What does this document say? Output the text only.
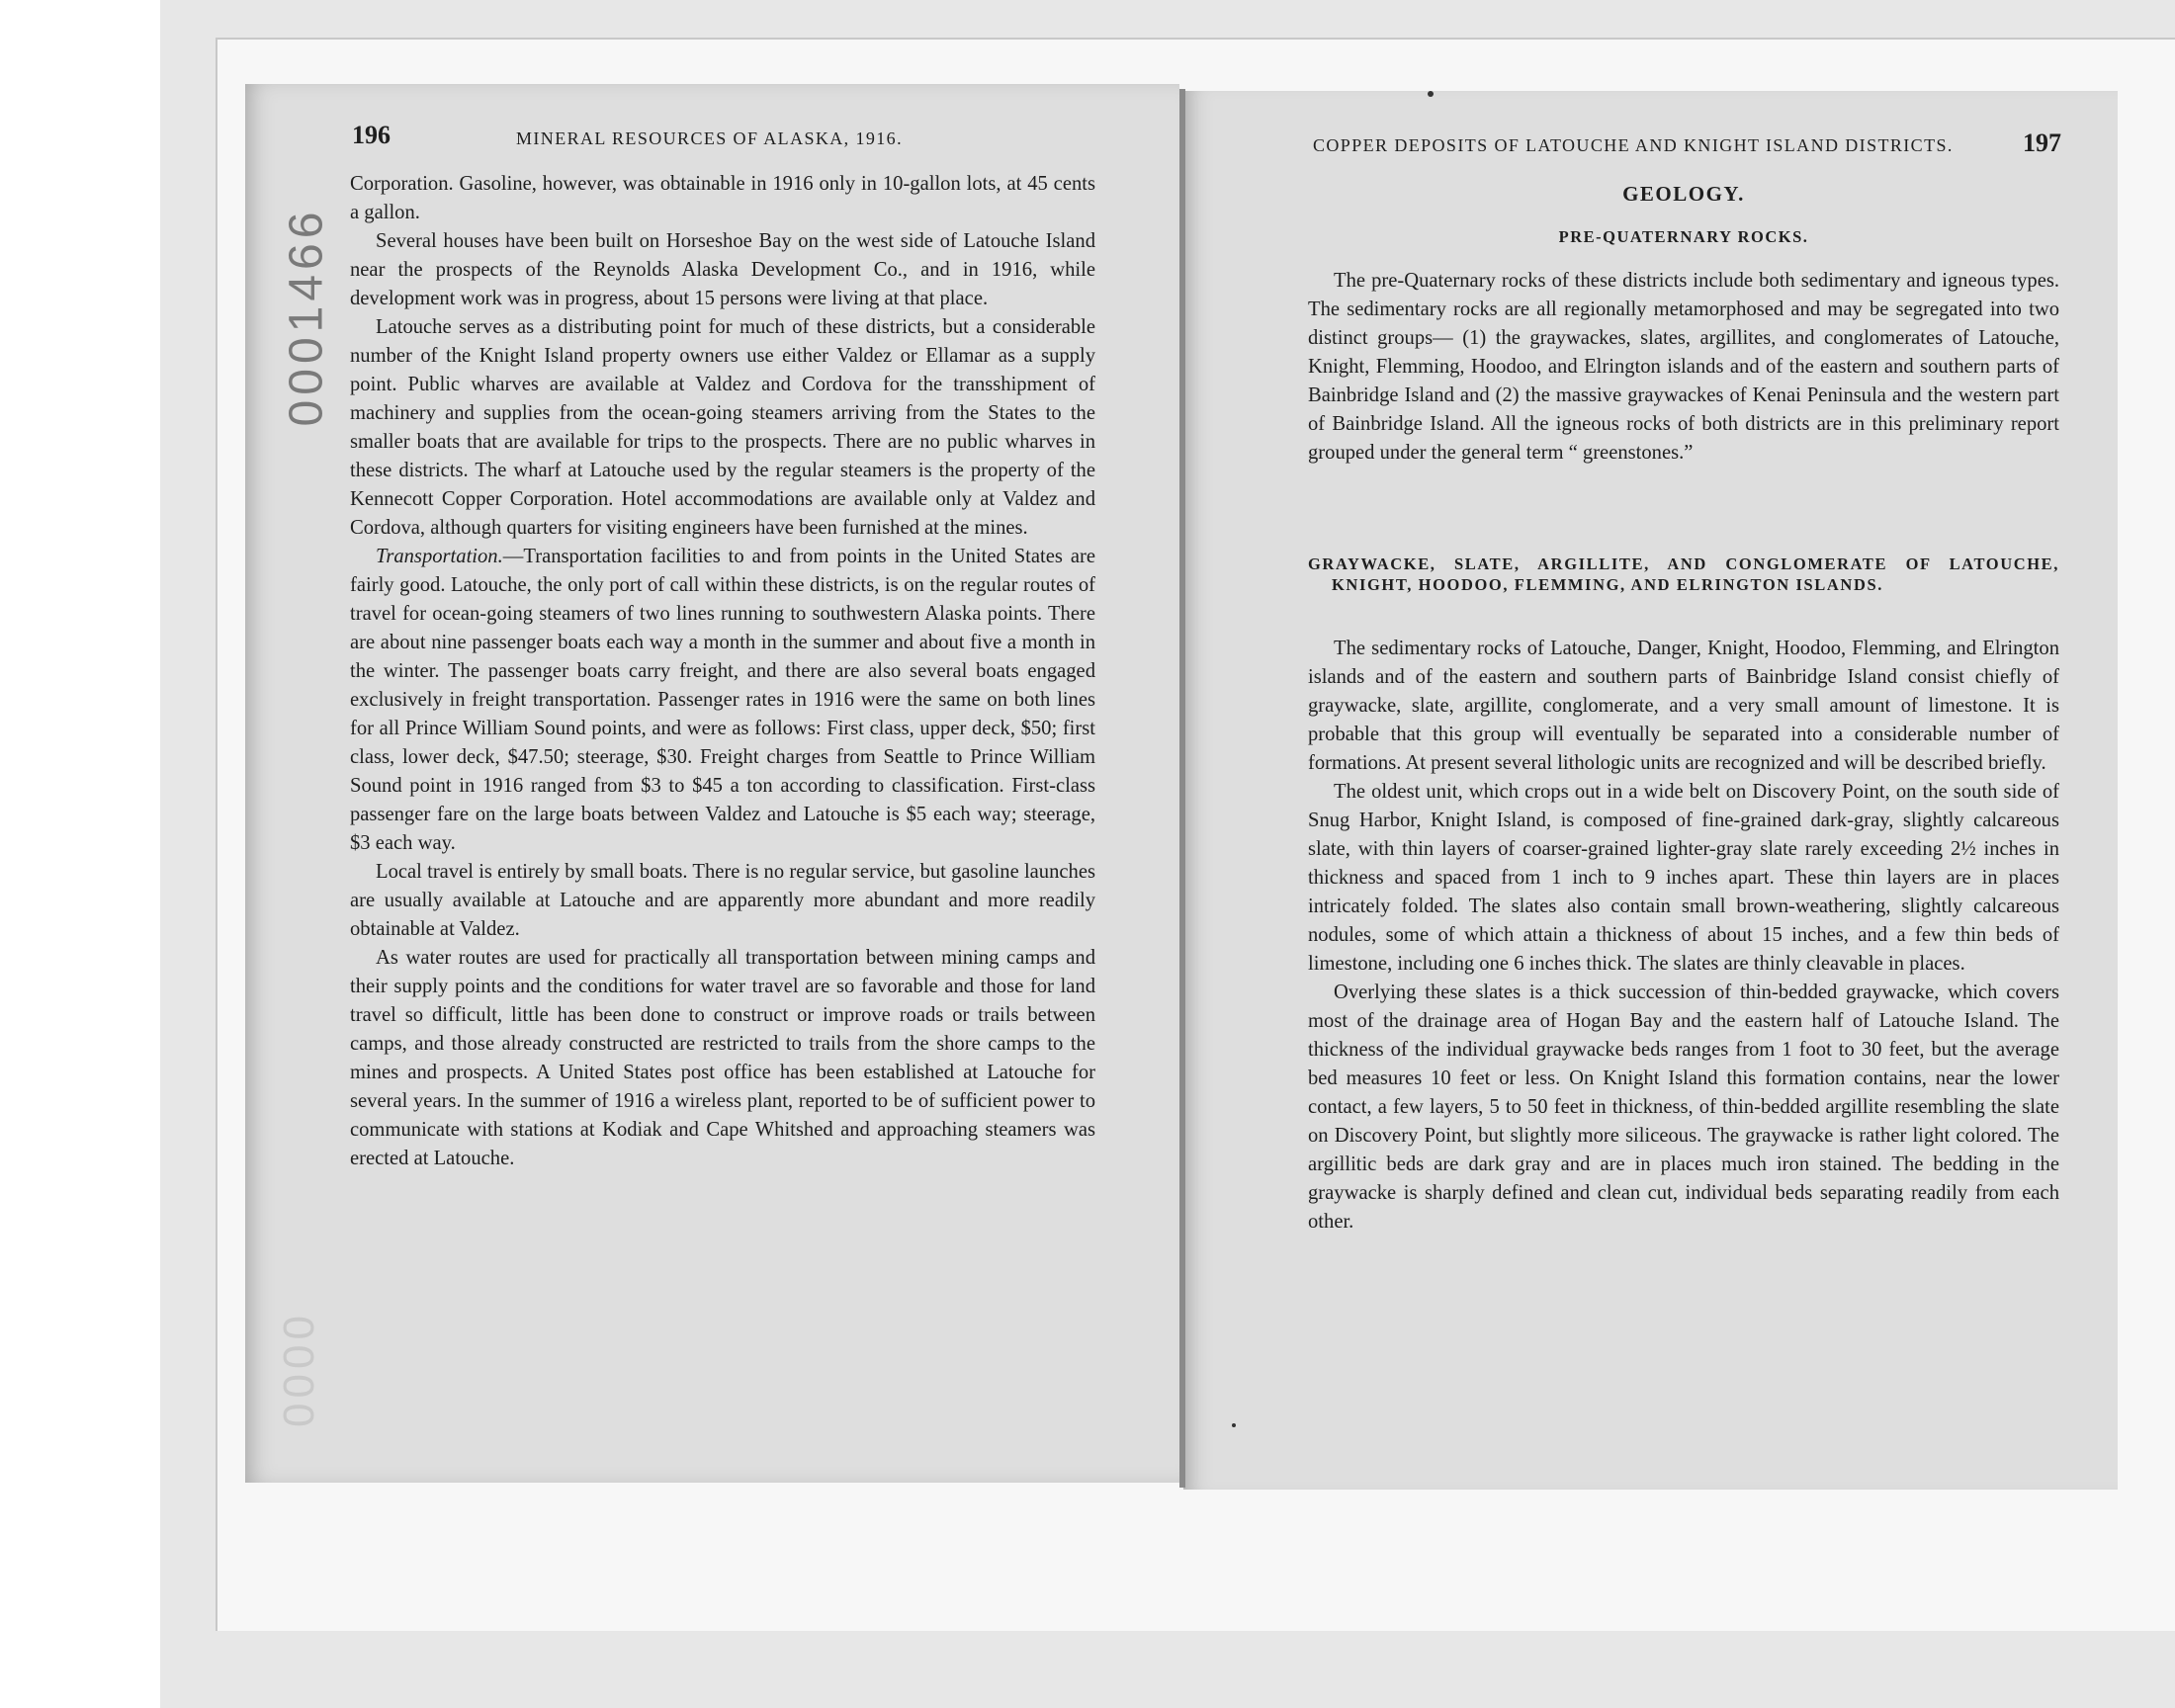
0001466
0000
196	MINERAL RESOURCES OF ALASKA, 1916.

Corporation. Gasoline, however, was obtainable in 1916 only in 10-gallon lots, at 45 cents a gallon.

Several houses have been built on Horseshoe Bay on the west side of Latouche Island near the prospects of the Reynolds Alaska Development Co., and in 1916, while development work was in progress, about 15 persons were living at that place.

Latouche serves as a distributing point for much of these districts, but a considerable number of the Knight Island property owners use either Valdez or Ellamar as a supply point. Public wharves are available at Valdez and Cordova for the transshipment of machinery and supplies from the ocean-going steamers arriving from the States to the smaller boats that are available for trips to the prospects. There are no public wharves in these districts. The wharf at Latouche used by the regular steamers is the property of the Kennecott Copper Corporation. Hotel accommodations are available only at Valdez and Cordova, although quarters for visiting engineers have been furnished at the mines.

Transportation.—Transportation facilities to and from points in the United States are fairly good. Latouche, the only port of call within these districts, is on the regular routes of travel for ocean-going steamers of two lines running to southwestern Alaska points. There are about nine passenger boats each way a month in the summer and about five a month in the winter. The passenger boats carry freight, and there are also several boats engaged exclusively in freight transportation. Passenger rates in 1916 were the same on both lines for all Prince William Sound points, and were as follows: First class, upper deck, $50; first class, lower deck, $47.50; steerage, $30. Freight charges from Seattle to Prince William Sound point in 1916 ranged from $3 to $45 a ton according to classification. First-class passenger fare on the large boats between Valdez and Latouche is $5 each way; steerage, $3 each way.

Local travel is entirely by small boats. There is no regular service, but gasoline launches are usually available at Latouche and are apparently more abundant and more readily obtainable at Valdez.

As water routes are used for practically all transportation between mining camps and their supply points and the conditions for water travel are so favorable and those for land travel so difficult, little has been done to construct or improve roads or trails between camps, and those already constructed are restricted to trails from the shore camps to the mines and prospects. A United States post office has been established at Latouche for several years. In the summer of 1916 a wireless plant, reported to be of sufficient power to communicate with stations at Kodiak and Cape Whitshed and approaching steamers was erected at Latouche.

COPPER DEPOSITS OF LATOUCHE AND KNIGHT ISLAND DISTRICTS.	197
GEOLOGY.
PRE-QUATERNARY ROCKS.

The pre-Quaternary rocks of these districts include both sedimentary and igneous types. The sedimentary rocks are all regionally metamorphosed and may be segregated into two distinct groups— (1) the graywackes, slates, argillites, and conglomerates of Latouche, Knight, Flemming, Hoodoo, and Elrington islands and of the eastern and southern parts of Bainbridge Island and (2) the massive graywackes of Kenai Peninsula and the western part of Bainbridge Island. All the igneous rocks of both districts are in this preliminary report grouped under the general term “ greenstones.”

GRAYWACKE, SLATE, ARGILLITE, AND CONGLOMERATE OF LATOUCHE, KNIGHT, HOODOO, FLEMMING, AND ELRINGTON ISLANDS.

The sedimentary rocks of Latouche, Danger, Knight, Hoodoo, Flemming, and Elrington islands and of the eastern and southern parts of Bainbridge Island consist chiefly of graywacke, slate, argillite, conglomerate, and a very small amount of limestone. It is probable that this group will eventually be separated into a considerable number of formations. At present several lithologic units are recognized and will be described briefly.

The oldest unit, which crops out in a wide belt on Discovery Point, on the south side of Snug Harbor, Knight Island, is composed of fine-grained dark-gray, slightly calcareous slate, with thin layers of coarser-grained lighter-gray slate rarely exceeding 2½ inches in thickness and spaced from 1 inch to 9 inches apart. These thin layers are in places intricately folded. The slates also contain small brown-weathering, slightly calcareous nodules, some of which attain a thickness of about 15 inches, and a few thin beds of limestone, including one 6 inches thick. The slates are thinly cleavable in places.

Overlying these slates is a thick succession of thin-bedded graywacke, which covers most of the drainage area of Hogan Bay and the eastern half of Latouche Island. The thickness of the individual graywacke beds ranges from 1 foot to 30 feet, but the average bed measures 10 feet or less. On Knight Island this formation contains, near the lower contact, a few layers, 5 to 50 feet in thickness, of thin-bedded argillite resembling the slate on Discovery Point, but slightly more siliceous. The graywacke is rather light colored. The argillitic beds are dark gray and are in places much iron stained. The bedding in the graywacke is sharply defined and clean cut, individual beds separating readily from each other.
